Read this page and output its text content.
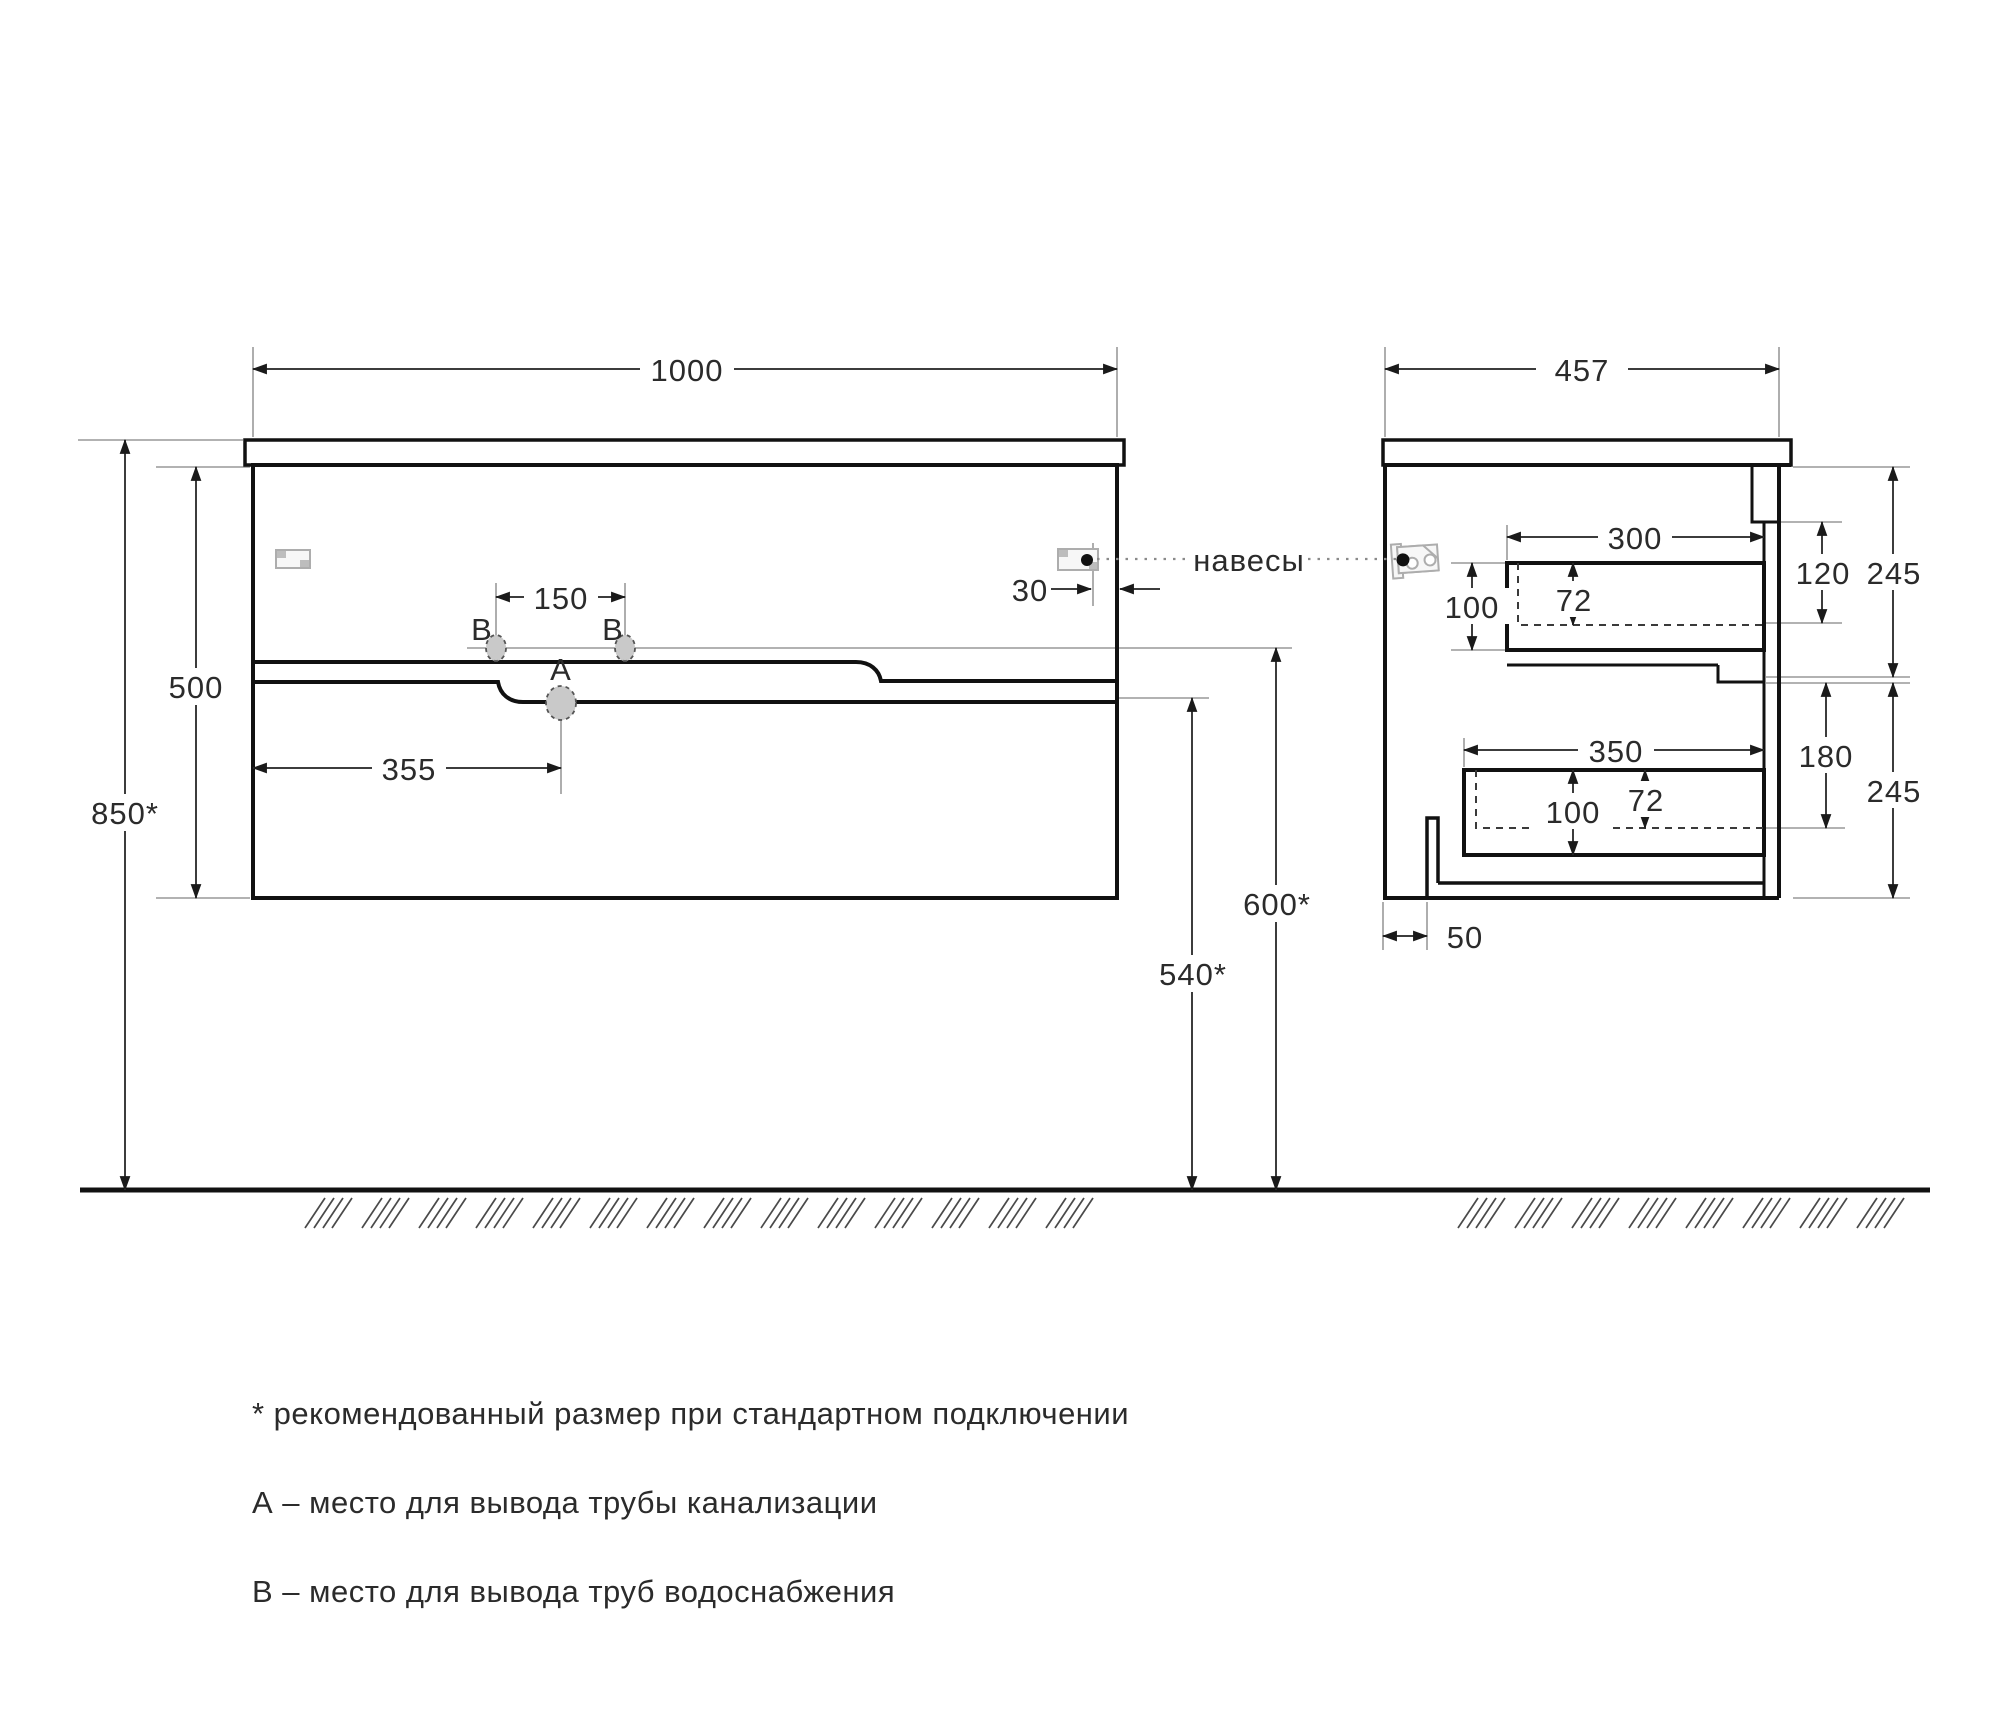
1000	457
500
850*
150
355
30
600*
540*
В	В
А
навесы
300
100 72
120 245
350
100 72
180
245
50
* рекомендованный размер при стандартном подключении
А – место для вывода трубы канализации
В – место для вывода труб водоснабжения
